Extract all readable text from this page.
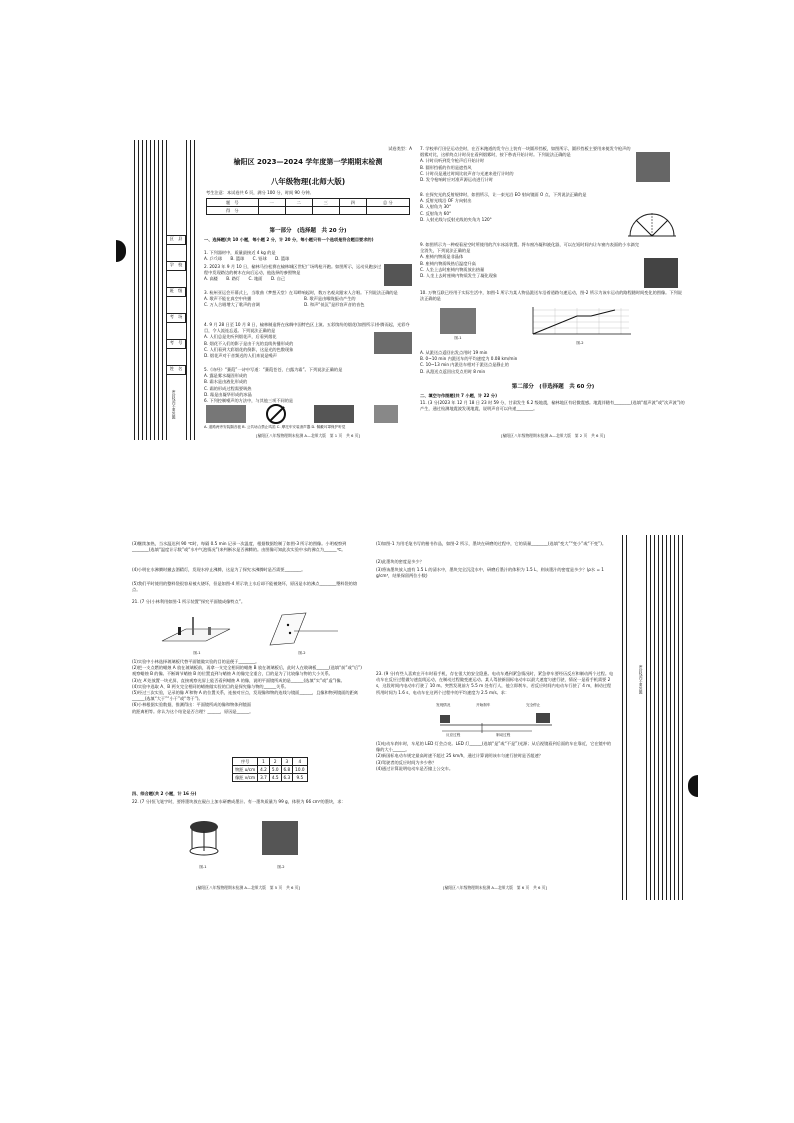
区　县
学　校
班　级
考　场
考　号
姓　名
密封线内不要答题
试卷类型：A
榆阳区 2023—2024 学年度第一学期期末检测
八年级物理(北师大版)
考生注意：本试卷共 6 页，满分 100 分，时间 90 分钟。
题　号	一	二	三	四	总 分
得　分					
第一部分　(选择题　共 20 分)
一、选择题(共 10 小题，每小题 2 分，计 20 分，每小题只有一个选项是符合题目要求的)
1. 下列器材中，质量最接近 4 kg 的是
A. 乒乓球　　B. 篮球　　C. 铅球　　D. 篮球
2. 2023 年 9 月 10 日，榆林马拉松赛在榆林城区世纪广场鸣枪开跑。如图所示，运动员跑步过程中发现路边的树木在向后运动，他选择的参照物是
A. 高楼　　B. 路灯　　C. 地面　　D. 自己
3. 杭州亚运会开幕式上，当歌曲《梦想天堂》在耳畔响起时，数万名观众跟宋人合唱。下列说法正确的是
A. 歌声不能在真空中传播	B. 歌声是由喉咙振动产生的
C. 万人合唱增大了歌声的音调	D. 和声“低沉”是形容声音的音色
4. 9 月 28 日至 10 月 8 日，榆林制造将在丝绸中国特色区上演。五彩缤纷的烟花(如图所示)扑腾而起，光彩夺目，令人流连忘返。下列说法正确的是
A. 人们总是先听到烟花声，后看到烟花
B. 烟花不入们的影子是由于光的直线传播形成的
C. 人们看到大彩烟花的倒影，这是光的色散现象
D. 烟花声对于音频迟的人们来说是噪声
5.《诗经》“蒹葭”一诗中写道：“蒹葭苍苍，白露为霜”。下列说法正确的是
A. 露是雾水凝固形成的
B. 霜水是由液化形成的
C. 霜的形成过程需要吸热
D. 霜是由凝华形成的冰晶
6. 下列控制噪声的方法中，与其他三项不同的是
A. 道路两旁安装隔音板 B. 公共场合禁止鸣笛 C. 摩托车安装消声器 D. 佩戴耳罩保护听觉
[榆阳区八年级物理期末检测 A—北师大版　第 1 页　共 6 页]
7. 学校举行田径运动会时，在百米跑道的发令台上装有一块圆形挡板，如图所示，圆形挡板主要用来使发令枪声的烟雾对比，这样终点计时员在看到烟雾时，按下秒表开始计时。下列说法正确的是
A. 计时员听到发令枪声后开始计时
B. 圆形挡板的作用是遮挡风
C. 计时员是通过时间比较声音与光速来进行计时的
D. 发令枪响时应对准声源运动进行计时
8. 在探究光的反射规律时，如图所示，让一束光沿 EO 射向镜面 O 点，下列说法正确的是
A. 反射光线沿 OF 方向射出
B. 入射角为 30°
C. 反射角为 60°
D. 入射光线与反射光线的夹角为 120°
9. 如图所示为一种观看星空时所使用的汽车冰冻装置。将车窗冷凝和液化器，可以在短时间内让车窗内表面的小水滴完全消失，下列说法正确的是
A. 座椅内物质是非晶体
B. 座椅内物质吸热后温度升高
C. 人坐上去时座椅内物质放出热量
D. 人坐上去时座椅内物质发生了凝化现象
10. 万物互联已经用于实际生活中，如图-1 所示为某人物品派送车沿着道路匀速运动，图-2 所示为该车运动的路程随时间变化的图像。下列说法正确的是
图-1
图-2
A. 从派送点返回出发点用时 19 min
B. 0~10 min 内派送车的平均速度为 0.08 km/min
C. 10~13 min 内派送车相对于派送点是静止的
D. 从派送点返回出发点用时 8 min
第二部分　(非选择题　共 60 分)
二、填空与作图题(共 7 小题，计 22 分)
11. (3 分)2023 年 12 月 18 日 23 时 59 分，甘肃发生 6.2 级地震，榆林地区有轻微震感。地震伴随有________(选填“超声波”或“次声波”)的产生，通过检测地震波发现地震，说明声音可以传递________。
[榆阳区八年级物理期末检测 A—北师大版　第 2 页　共 6 页]
(3)继续加热，当水温达到 90 ℃时，每隔 0.5 min 记录一次温度，根据数据绘制了如图-3 所示的图像。小明观察到________(选填“温度计示数”或“水中气泡情况”)来判断水是否沸腾的。由图像可知此次实验中水的沸点为______℃。
(4)小明在水沸腾时撤去酒精灯，发现水停止沸腾，这是为了探究水沸腾时是否需要________。
(5)我们平时使用的整料袋很容易被火烧坏，但是如图-4 所示装上水后却不能被烧坏，原因是水的沸点________塑料袋的熔点。
21. (7 分)小林利用如图-1 所示装置“探究平面镜成像特点”。
图-1	图-2
(1)实验中小林选择玻璃板代替平面镜做实验的目的是便于________。
(2)把一支点燃的蜡烛 A 放在玻璃板前，再拿一支完全相同的蜡烛 B 放在玻璃板后，此时人在玻璃板______(选填“前”或“后”)观察蜡烛 B 的像。不断调节蜡烛 B 的位置直到与蜡烛 A 的像完全重合，目的是为了比较像与物的大小关系。
(3)在 A′处放置一块光屏，直接观察光屏上能否看到蜡烛 A 的像，说明平面镜所成的是______(选填“实”或“虚”)像。
(4)实验中选取 A、B 两支完全相同的蜡烛做实验的目的是探究像与物的______关系。
(5)经过三次实验，记录的像 A′和物 A 的位置关系，连接对应点，发现像和物的连线与镜面______，且像和物到镜面的距离______(选填“大于”“小于”或“等于”)。
(6)小林根据实验数据，推测得出：平面镜所成的像和物体到镜面的距离相等。你认为这个结论是否合理？______，原因是______。
序号	1	2	3	4
物距 u/cm	4.2	5.0	6.8	10.0
像距 v/cm	3.7	4.5	6.3	9.5
四、综合题(共 2 小题，计 16 分)
22. (7 分)恒飞笔字时，要将墨块放在砚台上加水研磨成墨汁。有一墨块质量为 99 g，体积为 66 cm³的墨块，求：
图-1	图-2
[榆阳区八年级物理期末检测 A—北师大版　第 5 页　共 6 页]
(1)如图-1 为用毛笔书写的楷书作品，如图-2 所示，墨块在研磨的过程中，它的质量________(选填“变大”“变小”或“不变”)。
(2)此墨块的密度是多少？
(3)将该墨块放入盛有 1.5 L 的清水中，墨块完全沉没水中，研磨后墨汁的体积为 1.5 L，则该墨汁的密度是多少？(ρ水 = 1 g/cm³，结果保留两位小数)
23. (9 分)有些人喜欢在开车时看手机，存在很大的安全隐患。电动车遇到紧急情况时，紧急停车要经历反应和制动两个过程。电动车在反应过程做匀速直线运动，在制动过程做变速运动。某人驾驶新国标电动车以最大速度匀速行驶，情况一是看手机需要 2 s，这段时间内电动车行驶了 10 m。突然发现前方 5.5 m 处有行人，他立即刹车，若反应时间内电动车行驶了 4 m，制动过程所用时间为 1.6 s，电动车在这两个过程中的平均速度为 2.5 m/s。求：
发现情况	开始刹车	完全停止
反应过程	制动过程
(1)电动车刹车时，车尾的 LED 灯会点亮。LED 灯______(选填“是”或“不是”)光源；从后视镜看到后面的车在靠近，它在镜中的像的大小______。
(2)新国标电动车规定最高时速不超过 25 km/h，通过计算说明该车匀速行驶时是否超速？
(3)驾驶者的反应时间为多少秒？
(4)通过计算说明电动车是否撞上公交车。
[榆阳区八年级物理期末检测 A—北师大版　第 6 页　共 6 页]
密封线内不要答题
